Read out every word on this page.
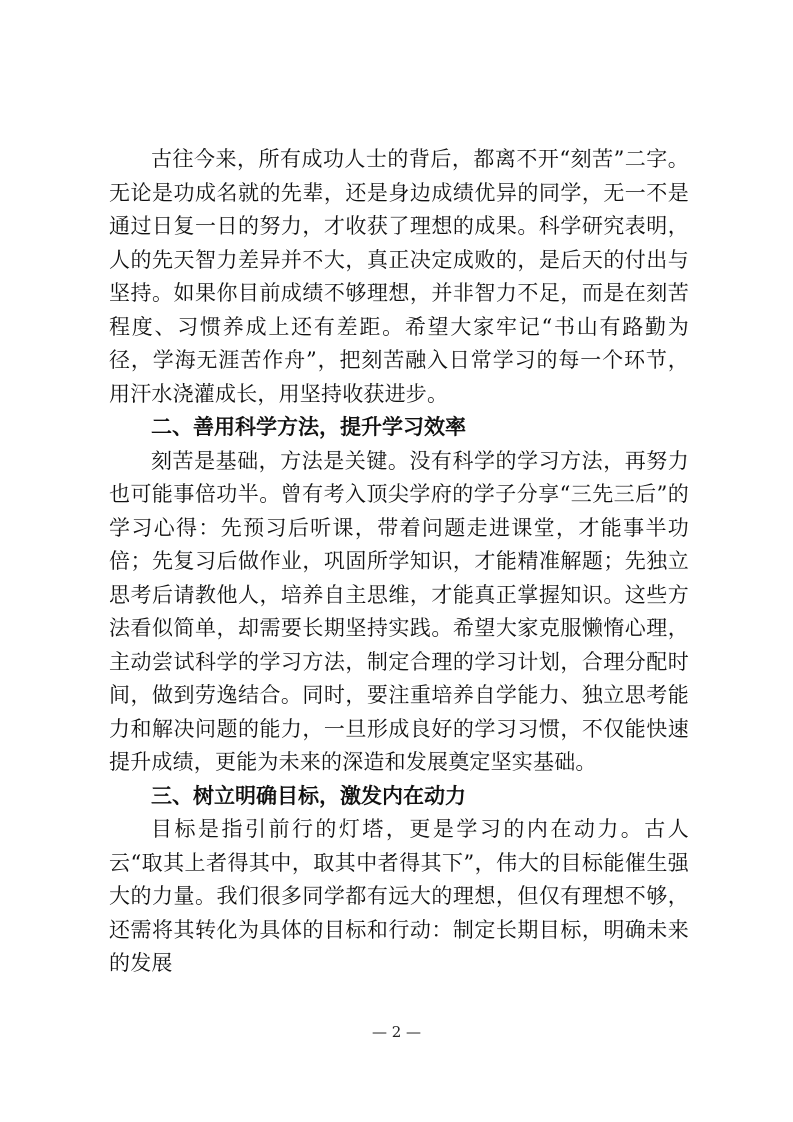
古往今来，所有成功人士的背后，都离不开“刻苦”二字。无论是功成名就的先辈，还是身边成绩优异的同学，无一不是通过日复一日的努力，才收获了理想的成果。科学研究表明，人的先天智力差异并不大，真正决定成败的，是后天的付出与坚持。如果你目前成绩不够理想，并非智力不足，而是在刻苦程度、习惯养成上还有差距。希望大家牢记“书山有路勤为径，学海无涯苦作舟”，把刻苦融入日常学习的每一个环节，用汗水浇灌成长，用坚持收获进步。

二、善用科学方法，提升学习效率

刻苦是基础，方法是关键。没有科学的学习方法，再努力也可能事倍功半。曾有考入顶尖学府的学子分享“三先三后”的学习心得：先预习后听课，带着问题走进课堂，才能事半功倍；先复习后做作业，巩固所学知识，才能精准解题；先独立思考后请教他人，培养自主思维，才能真正掌握知识。这些方法看似简单，却需要长期坚持实践。希望大家克服懒惰心理，主动尝试科学的学习方法，制定合理的学习计划，合理分配时间，做到劳逸结合。同时，要注重培养自学能力、独立思考能力和解决问题的能力，一旦形成良好的学习习惯，不仅能快速提升成绩，更能为未来的深造和发展奠定坚实基础。

三、树立明确目标，激发内在动力

目标是指引前行的灯塔，更是学习的内在动力。古人云“取其上者得其中，取其中者得其下”，伟大的目标能催生强大的力量。我们很多同学都有远大的理想，但仅有理想不够，还需将其转化为具体的目标和行动：制定长期目标，明确未来的发展

— 2 —
